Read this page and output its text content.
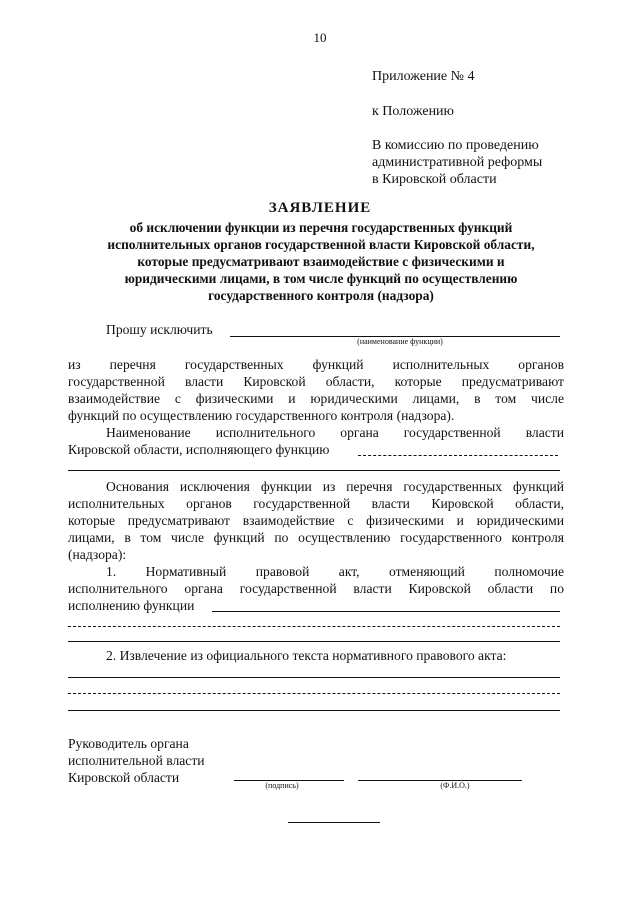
10
Приложение № 4
к Положению
В комиссию по проведению
административной реформы
в Кировской области
ЗАЯВЛЕНИЕ
об исключении функции из перечня государственных функций
исполнительных органов государственной власти Кировской области,
которые предусматривают взаимодействие с физическими и
юридическими лицами, в том числе функций по осуществлению
государственного контроля (надзора)
Прошу исключить
(наименование функции)
из перечня государственных функций исполнительных органов
государственной власти Кировской области, которые предусматривают
взаимодействие с физическими и юридическими лицами, в том числе
функций по осуществлению государственного контроля (надзора).
Наименование исполнительного органа государственной власти
Кировской области, исполняющего функцию
Основания исключения функции из перечня государственных функций
исполнительных органов государственной власти Кировской области,
которые предусматривают взаимодействие с физическими и юридическими
лицами, в том числе функций по осуществлению государственного контроля
(надзора):
1. Нормативный правовой акт, отменяющий полномочие
исполнительного органа государственной власти Кировской области по
исполнению функции
2. Извлечение из официального текста нормативного правового акта:
Руководитель органа
исполнительной власти
Кировской области
(подпись)	(Ф.И.О.)
